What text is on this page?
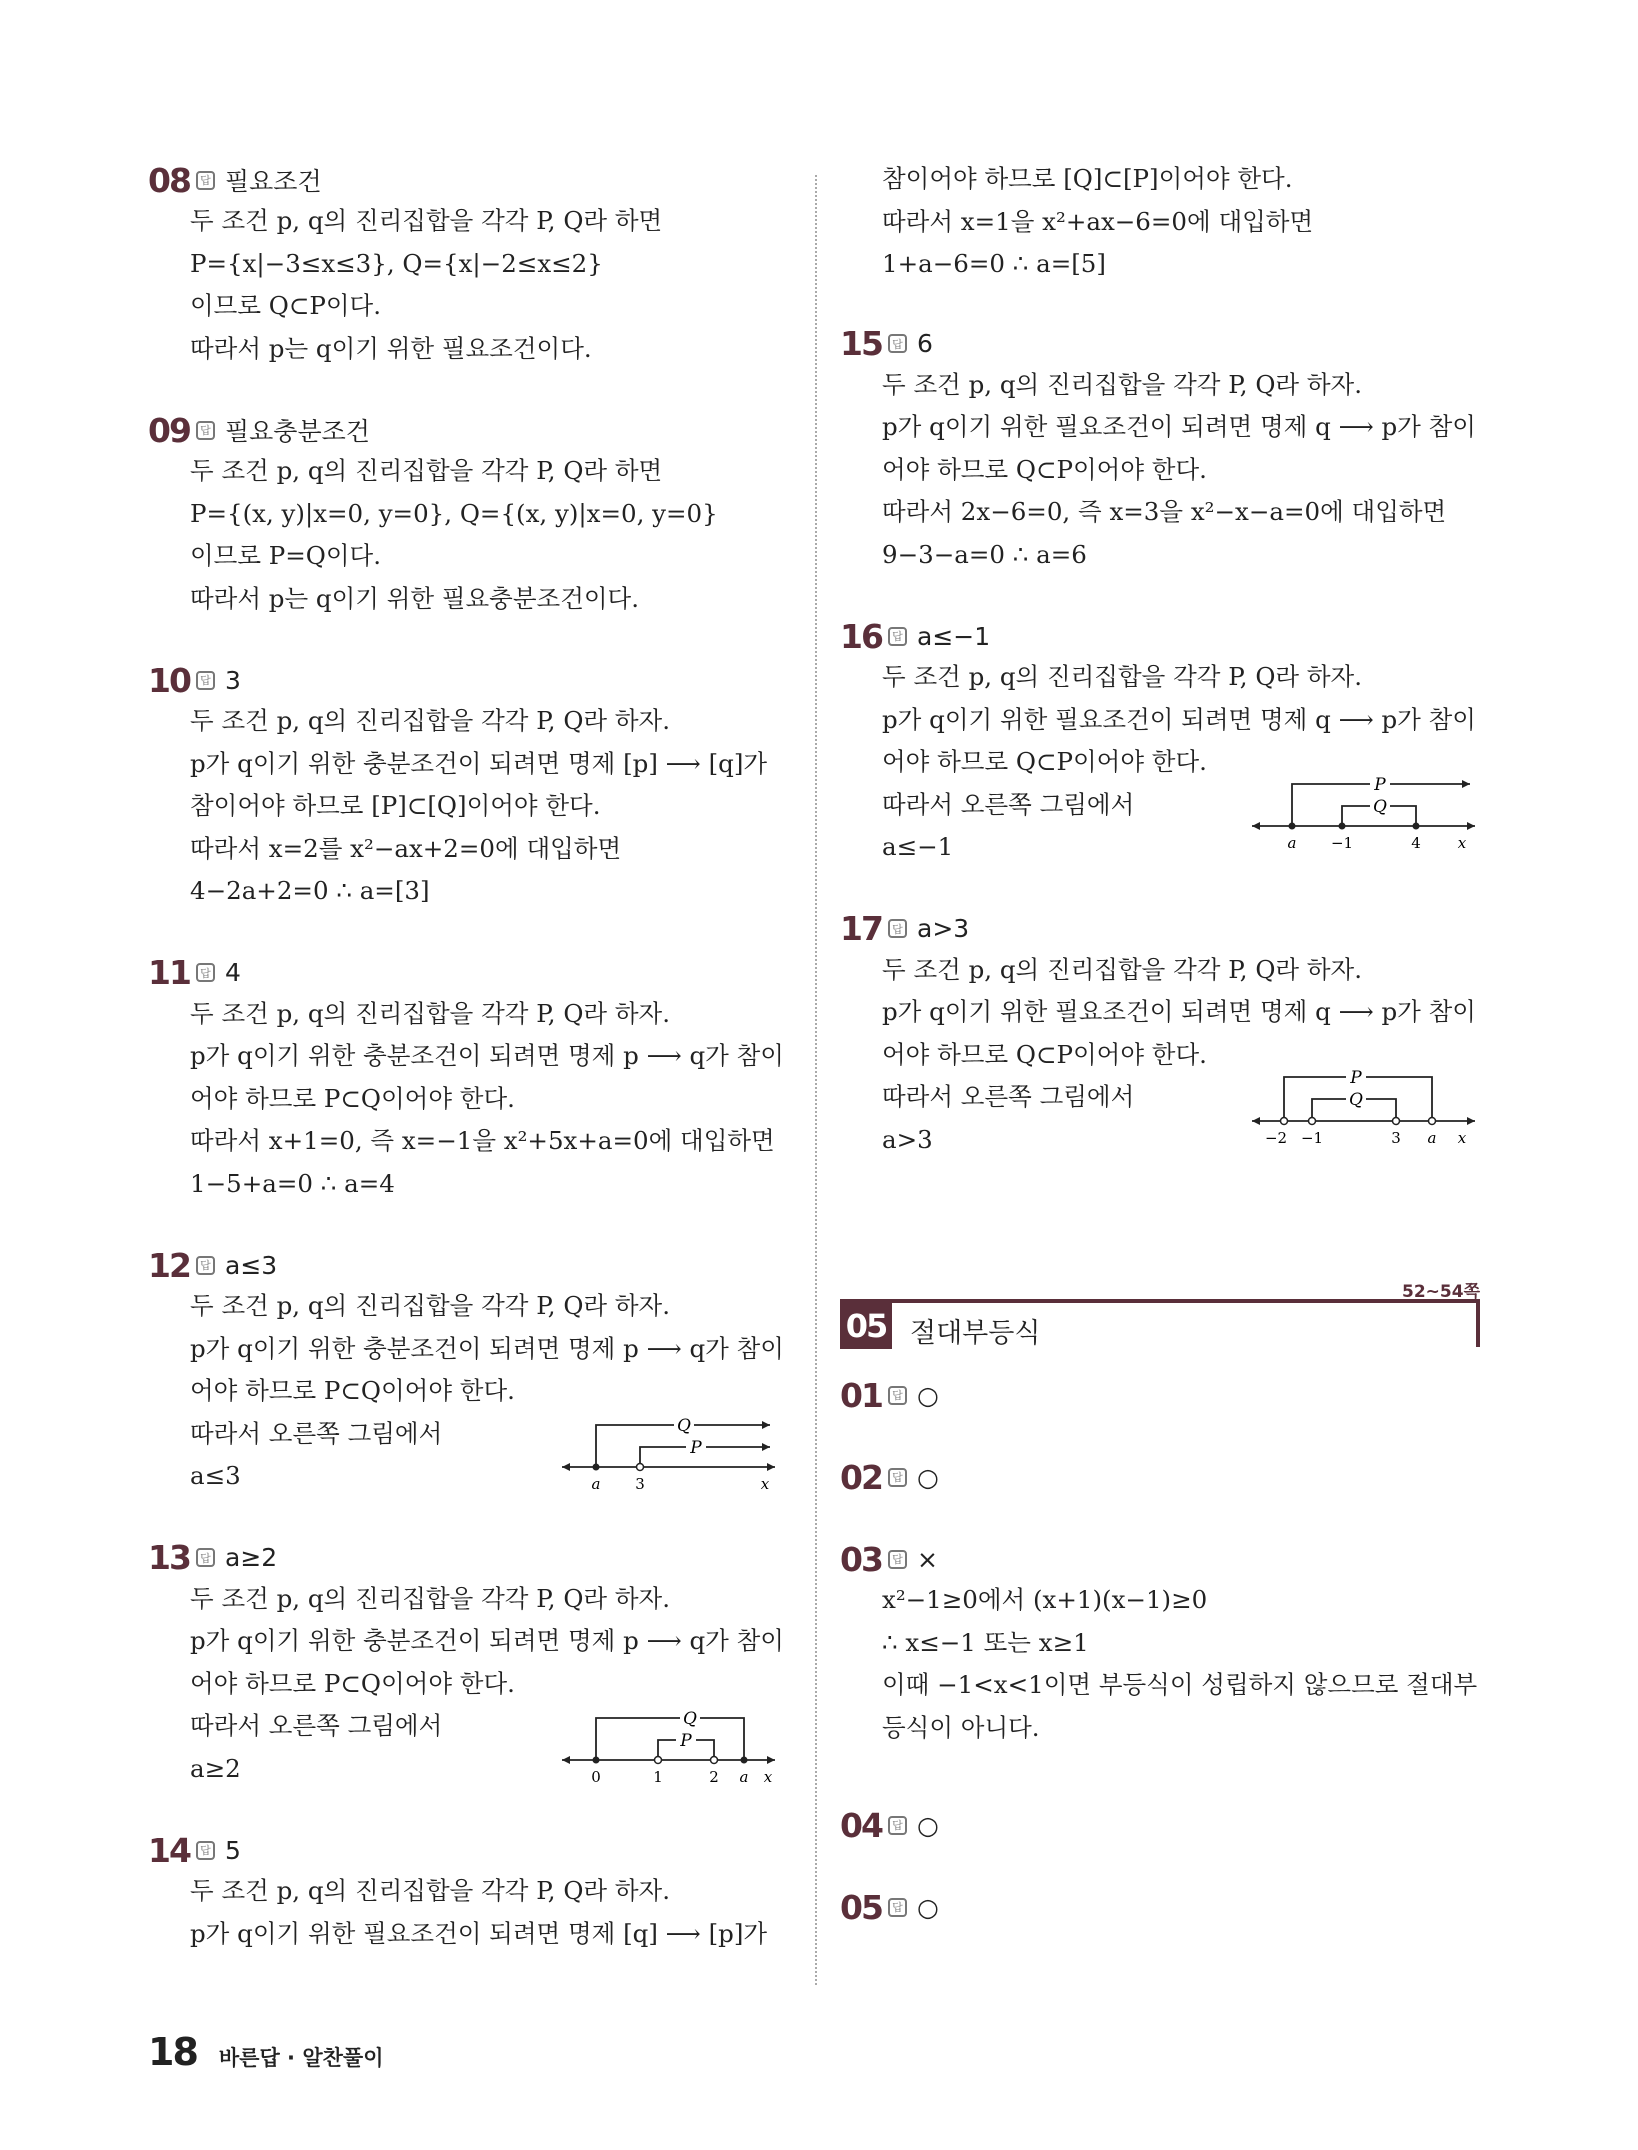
08 답 필요조건
두 조건 p, q의 진리집합을 각각 P, Q라 하면
P={x|−3≤x≤3}, Q={x|−2≤x≤2}
이므로 Q⊂P이다.
따라서 p는 q이기 위한 필요조건이다.
09 답 필요충분조건
두 조건 p, q의 진리집합을 각각 P, Q라 하면
P={(x, y)|x=0, y=0}, Q={(x, y)|x=0, y=0}
이므로 P=Q이다.
따라서 p는 q이기 위한 필요충분조건이다.
10 답 3
두 조건 p, q의 진리집합을 각각 P, Q라 하자.
p가 q이기 위한 충분조건이 되려면 명제 [p] ⟶ [q]가
참이어야 하므로 [P]⊂[Q]이어야 한다.
따라서 x=2를 x²−ax+2=0에 대입하면
4−2a+2=0 ∴ a=[3]
11 답 4
두 조건 p, q의 진리집합을 각각 P, Q라 하자.
p가 q이기 위한 충분조건이 되려면 명제 p ⟶ q가 참이
어야 하므로 P⊂Q이어야 한다.
따라서 x+1=0, 즉 x=−1을 x²+5x+a=0에 대입하면
1−5+a=0 ∴ a=4
12 답 a≤3
두 조건 p, q의 진리집합을 각각 P, Q라 하자.
p가 q이기 위한 충분조건이 되려면 명제 p ⟶ q가 참이
어야 하므로 P⊂Q이어야 한다.
따라서 오른쪽 그림에서
a≤3
Q
P
a 3	x
13 답 a≥2
두 조건 p, q의 진리집합을 각각 P, Q라 하자.
p가 q이기 위한 충분조건이 되려면 명제 p ⟶ q가 참이
어야 하므로 P⊂Q이어야 한다.
따라서 오른쪽 그림에서
a≥2
Q
P
0	1	2 a x
14 답 5
두 조건 p, q의 진리집합을 각각 P, Q라 하자.
p가 q이기 위한 필요조건이 되려면 명제 [q] ⟶ [p]가
참이어야 하므로 [Q]⊂[P]이어야 한다.
따라서 x=1을 x²+ax−6=0에 대입하면
1+a−6=0 ∴ a=[5]
15 답 6
두 조건 p, q의 진리집합을 각각 P, Q라 하자.
p가 q이기 위한 필요조건이 되려면 명제 q ⟶ p가 참이
어야 하므로 Q⊂P이어야 한다.
따라서 2x−6=0, 즉 x=3을 x²−x−a=0에 대입하면
9−3−a=0 ∴ a=6
16 답 a≤−1
두 조건 p, q의 진리집합을 각각 P, Q라 하자.
p가 q이기 위한 필요조건이 되려면 명제 q ⟶ p가 참이
어야 하므로 Q⊂P이어야 한다.
따라서 오른쪽 그림에서
a≤−1
P
Q
a −1	4 x
17 답 a>3
두 조건 p, q의 진리집합을 각각 P, Q라 하자.
p가 q이기 위한 필요조건이 되려면 명제 q ⟶ p가 참이
어야 하므로 Q⊂P이어야 한다.
따라서 오른쪽 그림에서
a>3
P
Q
−2 −1	3 a x
52~54쪽
05 절대부등식
01 답 ○
02 답 ○
03 답 ×
x²−1≥0에서 (x+1)(x−1)≥0
∴ x≤−1 또는 x≥1
이때 −1<x<1이면 부등식이 성립하지 않으므로 절대부
등식이 아니다.
04 답 ○
05 답 ○
18 바른답 · 알찬풀이
